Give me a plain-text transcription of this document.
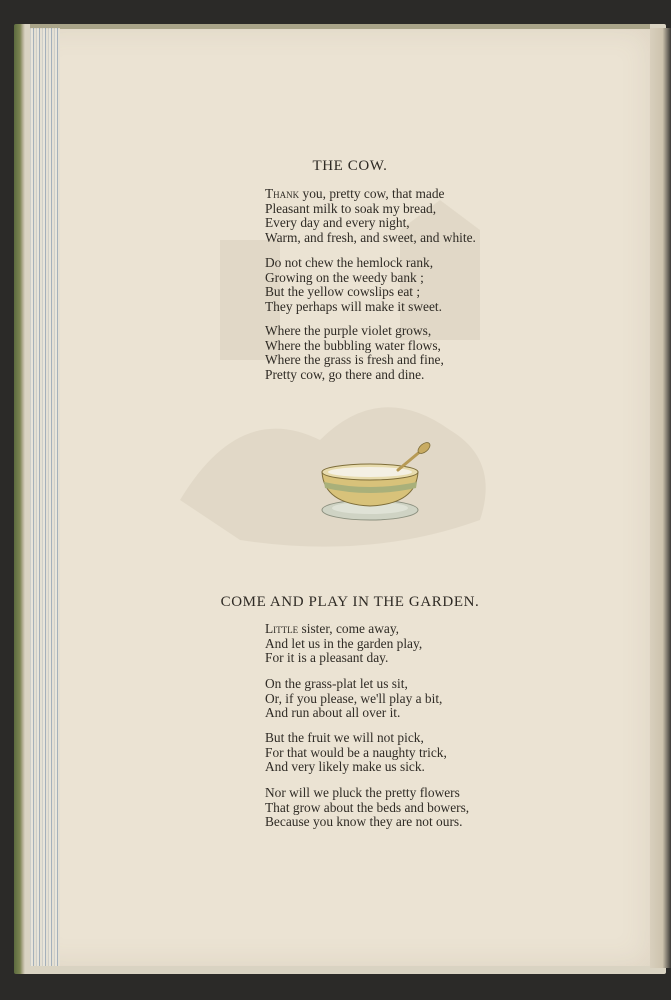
THE COW.
Thank you, pretty cow, that made
Pleasant milk to soak my bread,
Every day and every night,
Warm, and fresh, and sweet, and white.
Do not chew the hemlock rank,
Growing on the weedy bank ;
But the yellow cowslips eat ;
They perhaps will make it sweet.
Where the purple violet grows,
Where the bubbling water flows,
Where the grass is fresh and fine,
Pretty cow, go there and dine.
COME AND PLAY IN THE GARDEN.
Little sister, come away,
And let us in the garden play,
For it is a pleasant day.
On the grass-plat let us sit,
Or, if you please, we'll play a bit,
And run about all over it.
But the fruit we will not pick,
For that would be a naughty trick,
And very likely make us sick.
Nor will we pluck the pretty flowers
That grow about the beds and bowers,
Because you know they are not ours.
